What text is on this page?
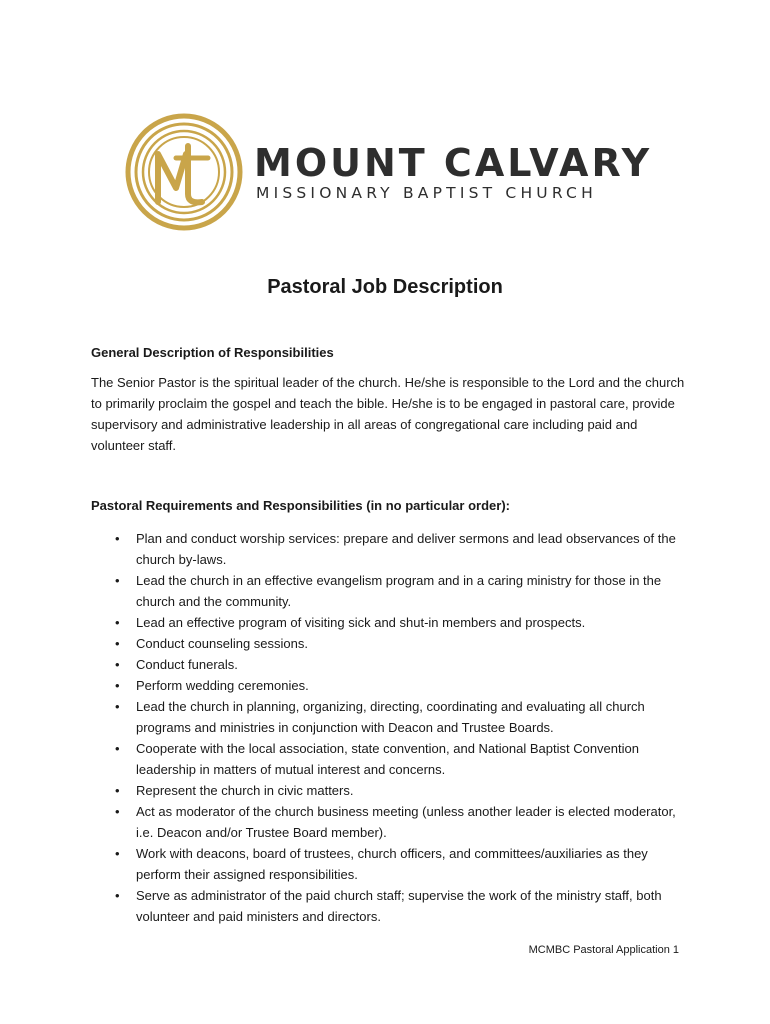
MOUNT CALVARY
MISSIONARY BAPTIST CHURCH
Pastoral Job Description
General Description of Responsibilities

The Senior Pastor is the spiritual leader of the church. He/she is responsible to the Lord and the church to primarily proclaim the gospel and teach the bible. He/she is to be engaged in pastoral care, provide supervisory and administrative leadership in all areas of congregational care including paid and volunteer staff.

Pastoral Requirements and Responsibilities (in no particular order):
• Plan and conduct worship services: prepare and deliver sermons and lead observances of the church by-laws.
• Lead the church in an effective evangelism program and in a caring ministry for those in the church and the community.
• Lead an effective program of visiting sick and shut-in members and prospects.
• Conduct counseling sessions.
• Conduct funerals.
• Perform wedding ceremonies.
• Lead the church in planning, organizing, directing, coordinating and evaluating all church programs and ministries in conjunction with Deacon and Trustee Boards.
• Cooperate with the local association, state convention, and National Baptist Convention leadership in matters of mutual interest and concerns.
• Represent the church in civic matters.
• Act as moderator of the church business meeting (unless another leader is elected moderator, i.e. Deacon and/or Trustee Board member).
• Work with deacons, board of trustees, church officers, and committees/auxiliaries as they perform their assigned responsibilities.
• Serve as administrator of the paid church staff; supervise the work of the ministry staff, both volunteer and paid ministers and directors.
MCMBC Pastoral Application 1
